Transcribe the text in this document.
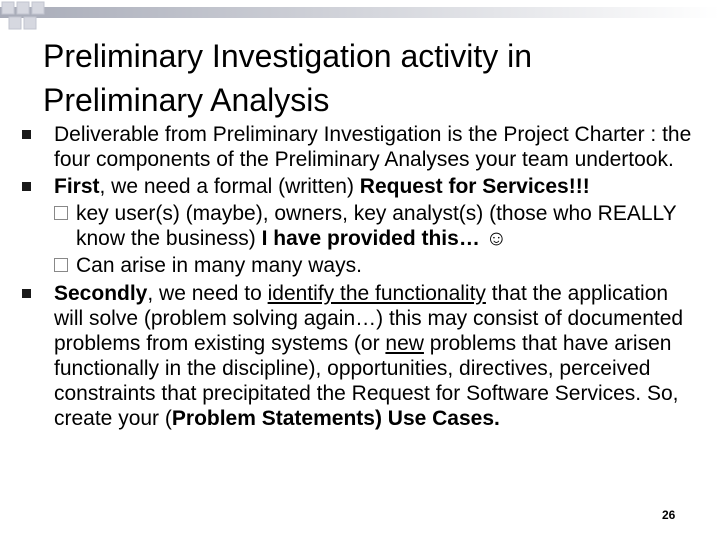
Preliminary Investigation activity in
Preliminary Analysis
Deliverable from Preliminary Investigation is the Project Charter : the four components of the Preliminary Analyses your team undertook.
First, we need a formal (written) Request for Services!!!
key user(s) (maybe), owners, key analyst(s) (those who REALLY know the business) I have provided this… ☺
Can arise in many many ways.
Secondly, we need to identify the functionality that the application will solve (problem solving again…) this may consist of documented problems from existing systems (or new problems that have arisen functionally in the discipline), opportunities, directives, perceived constraints that precipitated the Request for Software Services. So, create your (Problem Statements) Use Cases.
26
